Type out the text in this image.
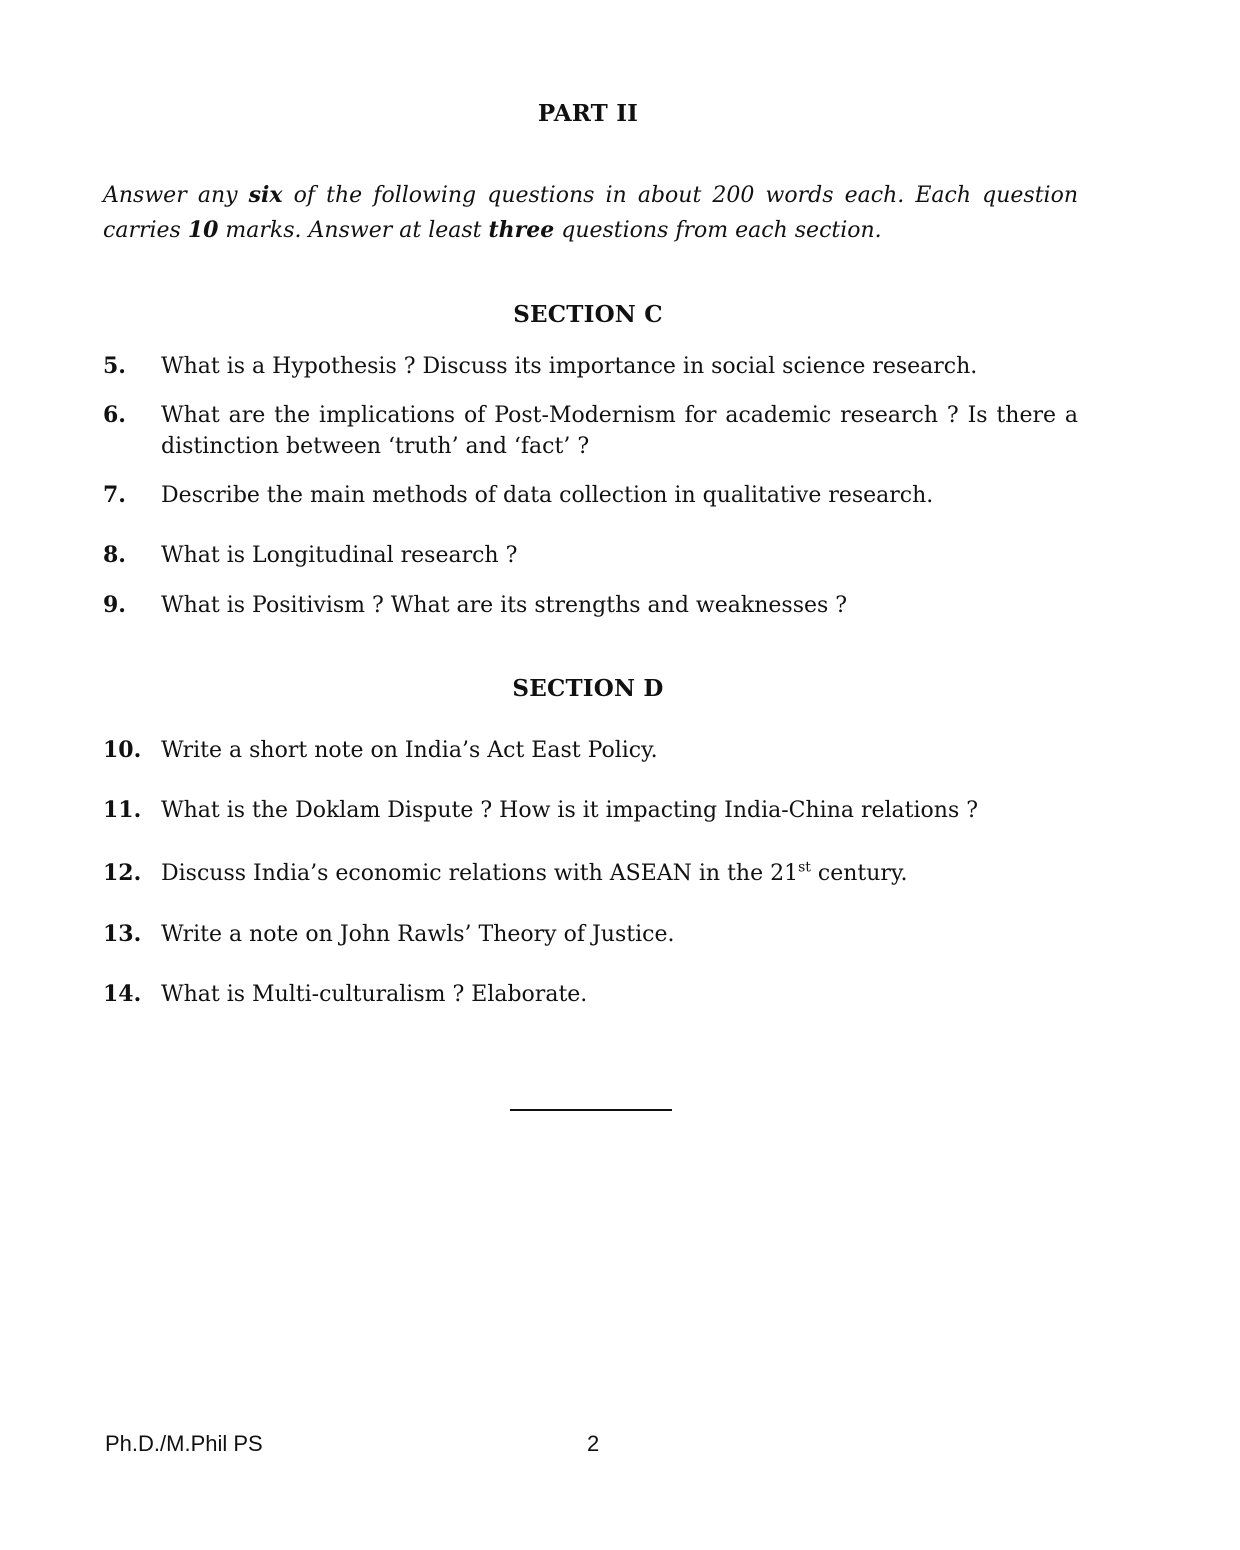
PART II
Answer any six of the following questions in about 200 words each. Each question carries 10 marks. Answer at least three questions from each section.
SECTION C
5.	What is a Hypothesis ? Discuss its importance in social science research.
6.	What are the implications of Post-Modernism for academic research ? Is there a distinction between ‘truth’ and ‘fact’ ?
7.	Describe the main methods of data collection in qualitative research.
8.	What is Longitudinal research ?
9.	What is Positivism ? What are its strengths and weaknesses ?
SECTION D
10. Write a short note on India’s Act East Policy.
11. What is the Doklam Dispute ? How is it impacting India-China relations ?
12. Discuss India’s economic relations with ASEAN in the 21st century.
13. Write a note on John Rawls’ Theory of Justice.
14. What is Multi-culturalism ? Elaborate.
Ph.D./M.Phil PS	2
